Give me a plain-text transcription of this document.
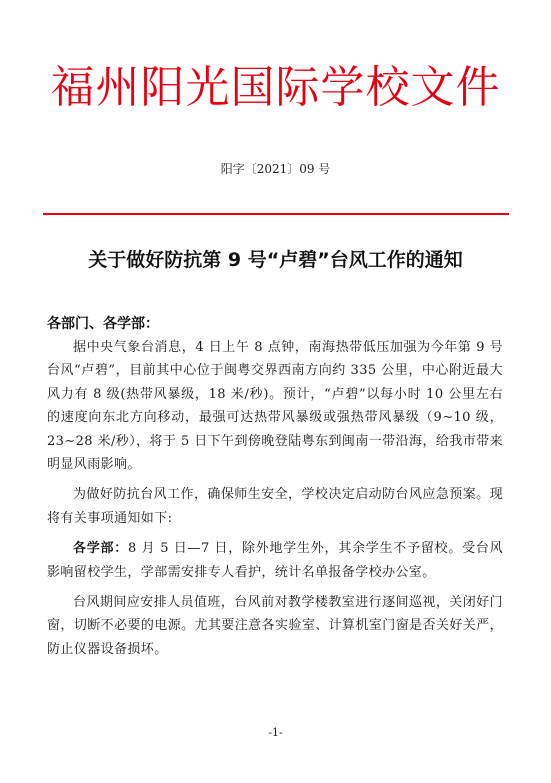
福州阳光国际学校文件
阳字〔2021〕09 号
关于做好防抗第 9 号“卢碧”台风工作的通知
各部门、各学部：

据中央气象台消息，4 日上午 8 点钟，南海热带低压加强为今年第 9 号台风“卢碧”，目前其中心位于闽粤交界西南方向约 335 公里，中心附近最大风力有 8 级(热带风暴级，18 米/秒)。预计，“卢碧”以每小时 10 公里左右的速度向东北方向移动，最强可达热带风暴级或强热带风暴级（9∼10 级，23∼28 米/秒），将于 5 日下午到傍晚登陆粤东到闽南一带沿海，给我市带来明显风雨影响。

为做好防抗台风工作，确保师生安全，学校决定启动防台风应急预案。现将有关事项通知如下:

各学部：8 月 5 日—7 日，除外地学生外，其余学生不予留校。受台风影响留校学生，学部需安排专人看护，统计名单报备学校办公室。

台风期间应安排人员值班，台风前对教学楼教室进行逐间巡视，关闭好门窗，切断不必要的电源。尤其要注意各实验室、计算机室门窗是否关好关严，防止仪器设备损坏。

-1-
